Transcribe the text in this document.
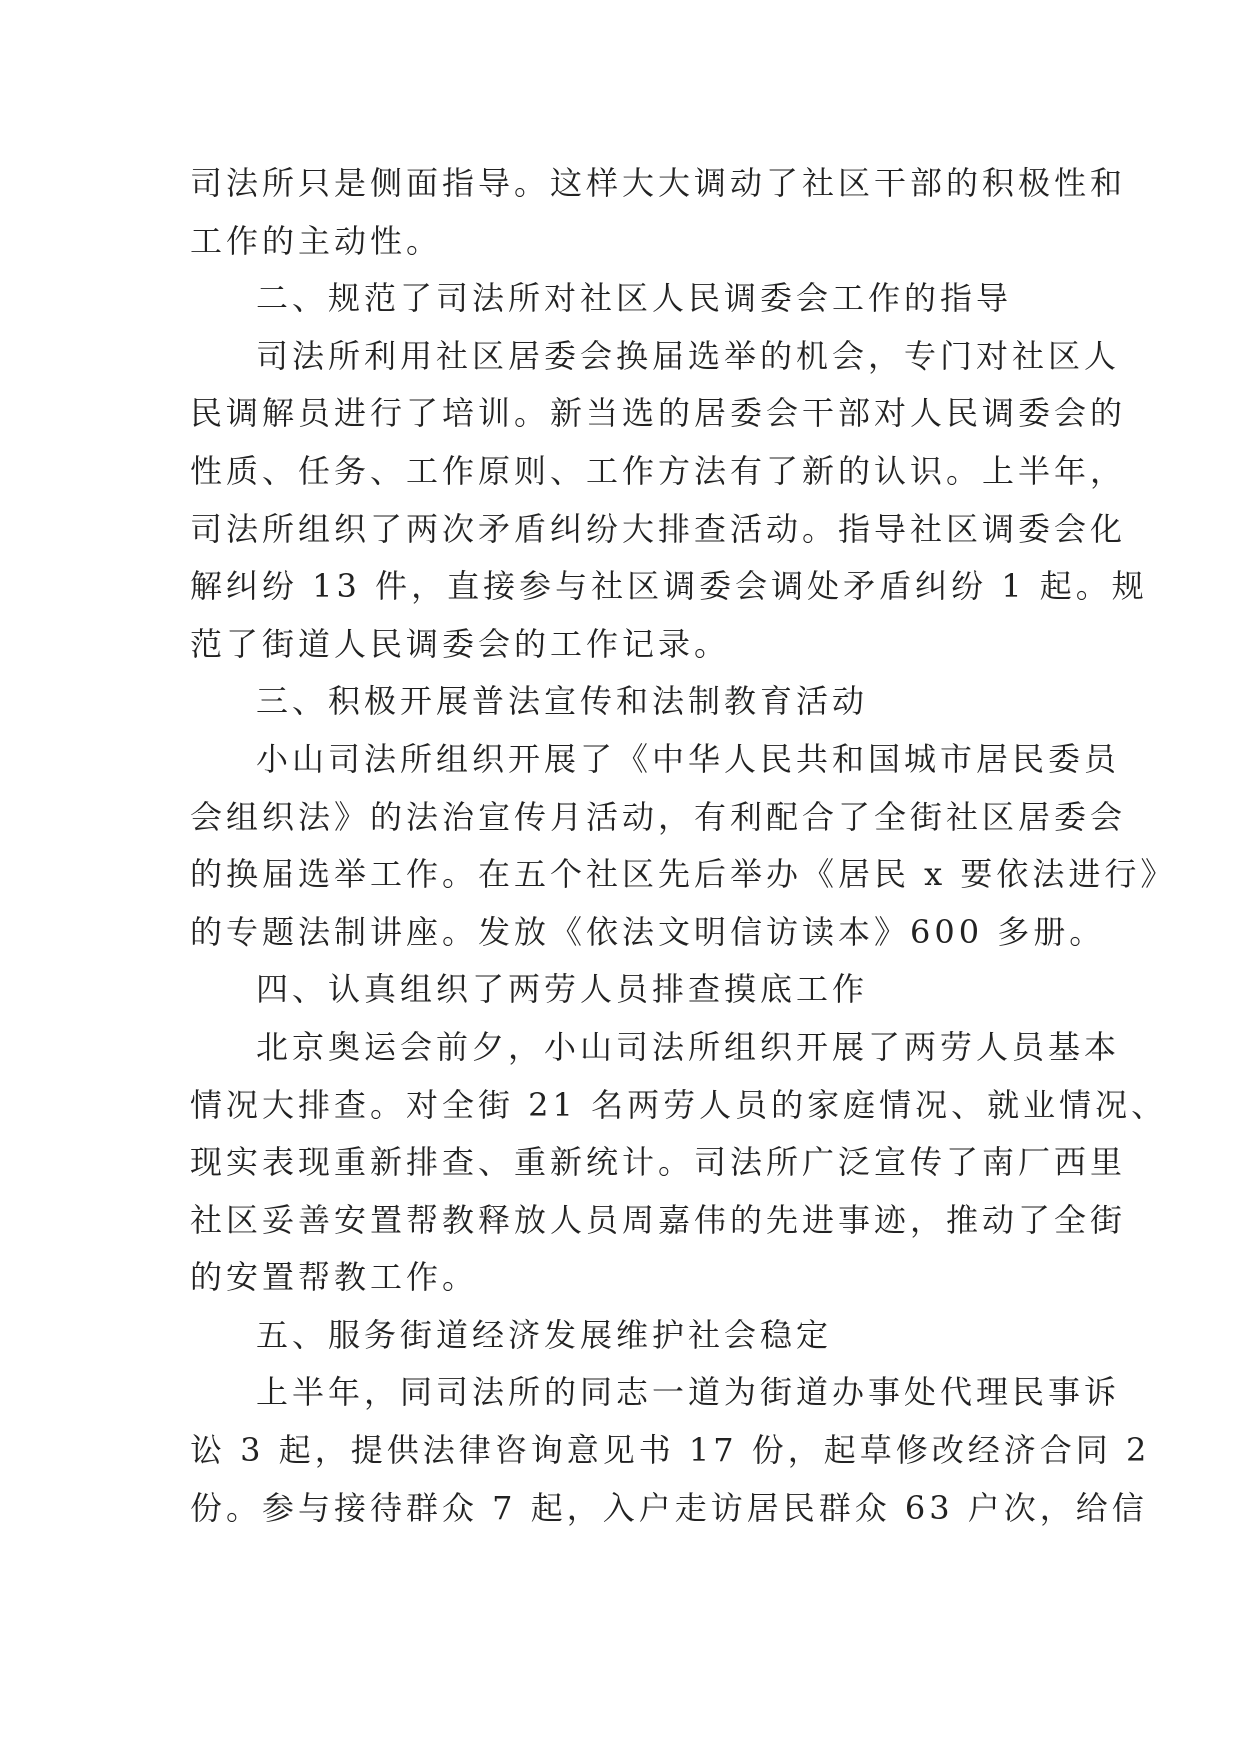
司法所只是侧面指导。这样大大调动了社区干部的积极性和
工作的主动性。
二、规范了司法所对社区人民调委会工作的指导
司法所利用社区居委会换届选举的机会，专门对社区人
民调解员进行了培训。新当选的居委会干部对人民调委会的
性质、任务、工作原则、工作方法有了新的认识。上半年，
司法所组织了两次矛盾纠纷大排查活动。指导社区调委会化
解纠纷 13 件，直接参与社区调委会调处矛盾纠纷 1 起。规
范了街道人民调委会的工作记录。
三、积极开展普法宣传和法制教育活动
小山司法所组织开展了《中华人民共和国城市居民委员
会组织法》的法治宣传月活动，有利配合了全街社区居委会
的换届选举工作。在五个社区先后举办《居民 x 要依法进行》
的专题法制讲座。发放《依法文明信访读本》600 多册。
四、认真组织了两劳人员排查摸底工作
北京奥运会前夕，小山司法所组织开展了两劳人员基本
情况大排查。对全街 21 名两劳人员的家庭情况、就业情况、
现实表现重新排查、重新统计。司法所广泛宣传了南厂西里
社区妥善安置帮教释放人员周嘉伟的先进事迹，推动了全街
的安置帮教工作。
五、服务街道经济发展维护社会稳定
上半年，同司法所的同志一道为街道办事处代理民事诉
讼 3 起，提供法律咨询意见书 17 份，起草修改经济合同 2
份。参与接待群众 7 起，入户走访居民群众 63 户次，给信
